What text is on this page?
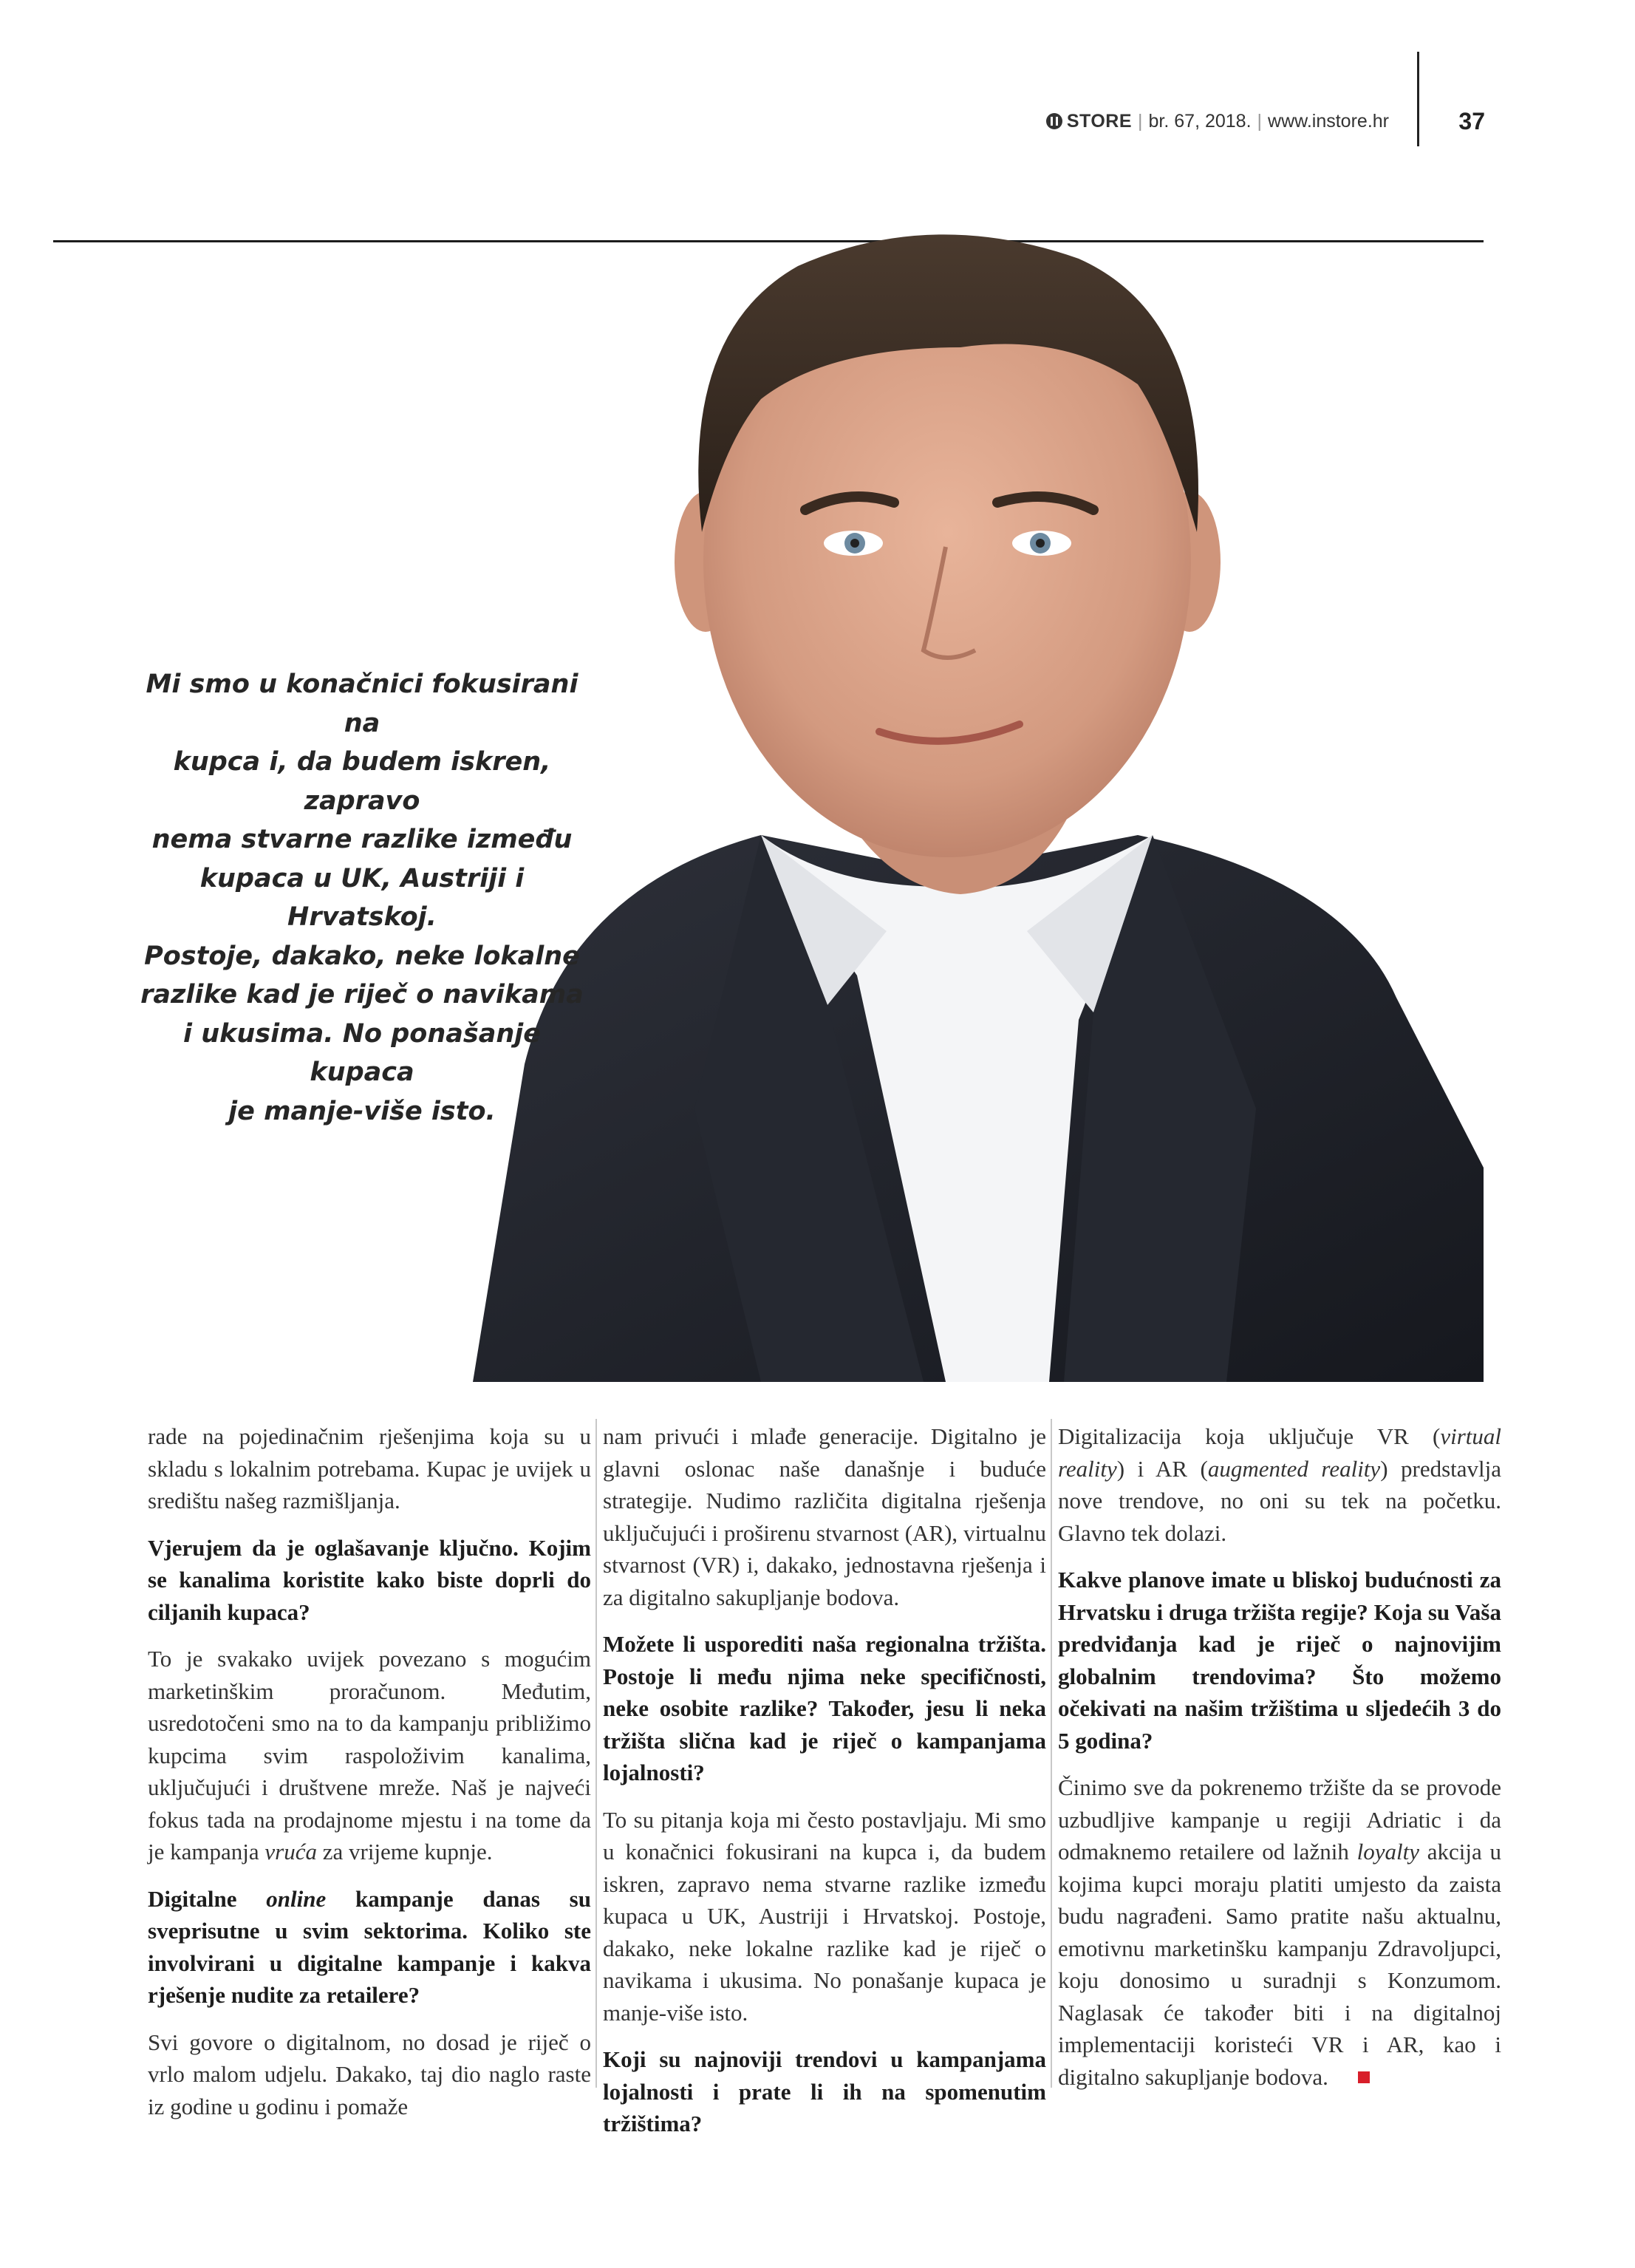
STORE | br. 67, 2018. | www.instore.hr	37
Mi smo u konačnici fokusirani na
kupca i, da budem iskren, zapravo
nema stvarne razlike između
kupaca u UK, Austriji i Hrvatskoj.
Postoje, dakako, neke lokalne
razlike kad je riječ o navikama
i ukusima. No ponašanje kupaca
je manje-više isto.

rade na pojedinačnim rješenjima koja su u skladu s lokalnim potrebama. Kupac je uvijek u središtu našeg razmišljanja.

Vjerujem da je oglašavanje ključno. Kojim se kanalima koristite kako biste doprli do ciljanih kupaca?

To je svakako uvijek povezano s mogućim marketinškim proračunom. Međutim, usredotočeni smo na to da kampanju približimo kupcima svim raspoloživim kanalima, uključujući i društvene mreže. Naš je najveći fokus tada na prodajnome mjestu i na tome da je kampanja vruća za vrijeme kupnje.

Digitalne online kampanje danas su sveprisutne u svim sektorima. Koliko ste involvirani u digitalne kampanje i kakva rješenje nudite za retailere?

Svi govore o digitalnom, no dosad je riječ o vrlo malom udjelu. Dakako, taj dio naglo raste iz godine u godinu i pomaže

nam privući i mlađe generacije. Digitalno je glavni oslonac naše današnje i buduće strategije. Nudimo različita digitalna rješenja uključujući i proširenu stvarnost (AR), virtualnu stvarnost (VR) i, dakako, jednostavna rješenja i za digitalno sakupljanje bodova.

Možete li usporediti naša regionalna tržišta. Postoje li među njima neke specifičnosti, neke osobite razlike? Također, jesu li neka tržišta slična kad je riječ o kampanjama lojalnosti?

To su pitanja koja mi često postavljaju. Mi smo u konačnici fokusirani na kupca i, da budem iskren, zapravo nema stvarne razlike između kupaca u UK, Austriji i Hrvatskoj. Postoje, dakako, neke lokalne razlike kad je riječ o navikama i ukusima. No ponašanje kupaca je manje-više isto.

Koji su najnoviji trendovi u kampanjama lojalnosti i prate li ih na spomenutim tržištima?

Digitalizacija koja uključuje VR (virtual reality) i AR (augmented reality) predstavlja nove trendove, no oni su tek na početku. Glavno tek dolazi.

Kakve planove imate u bliskoj budućnosti za Hrvatsku i druga tržišta regije? Koja su Vaša predviđanja kad je riječ o najnovijim globalnim trendovima? Što možemo očekivati na našim tržištima u sljedećih 3 do 5 godina?

Činimo sve da pokrenemo tržište da se provode uzbudljive kampanje u regiji Adriatic i da odmaknemo retailere od lažnih loyalty akcija u kojima kupci moraju platiti umjesto da zaista budu nagrađeni. Samo pratite našu aktualnu, emotivnu marketinšku kampanju Zdravoljupci, koju donosimo u suradnji s Konzumom. Naglasak će također biti i na digitalnoj implementaciji koristeći VR i AR, kao i digitalno sakupljanje bodova.
